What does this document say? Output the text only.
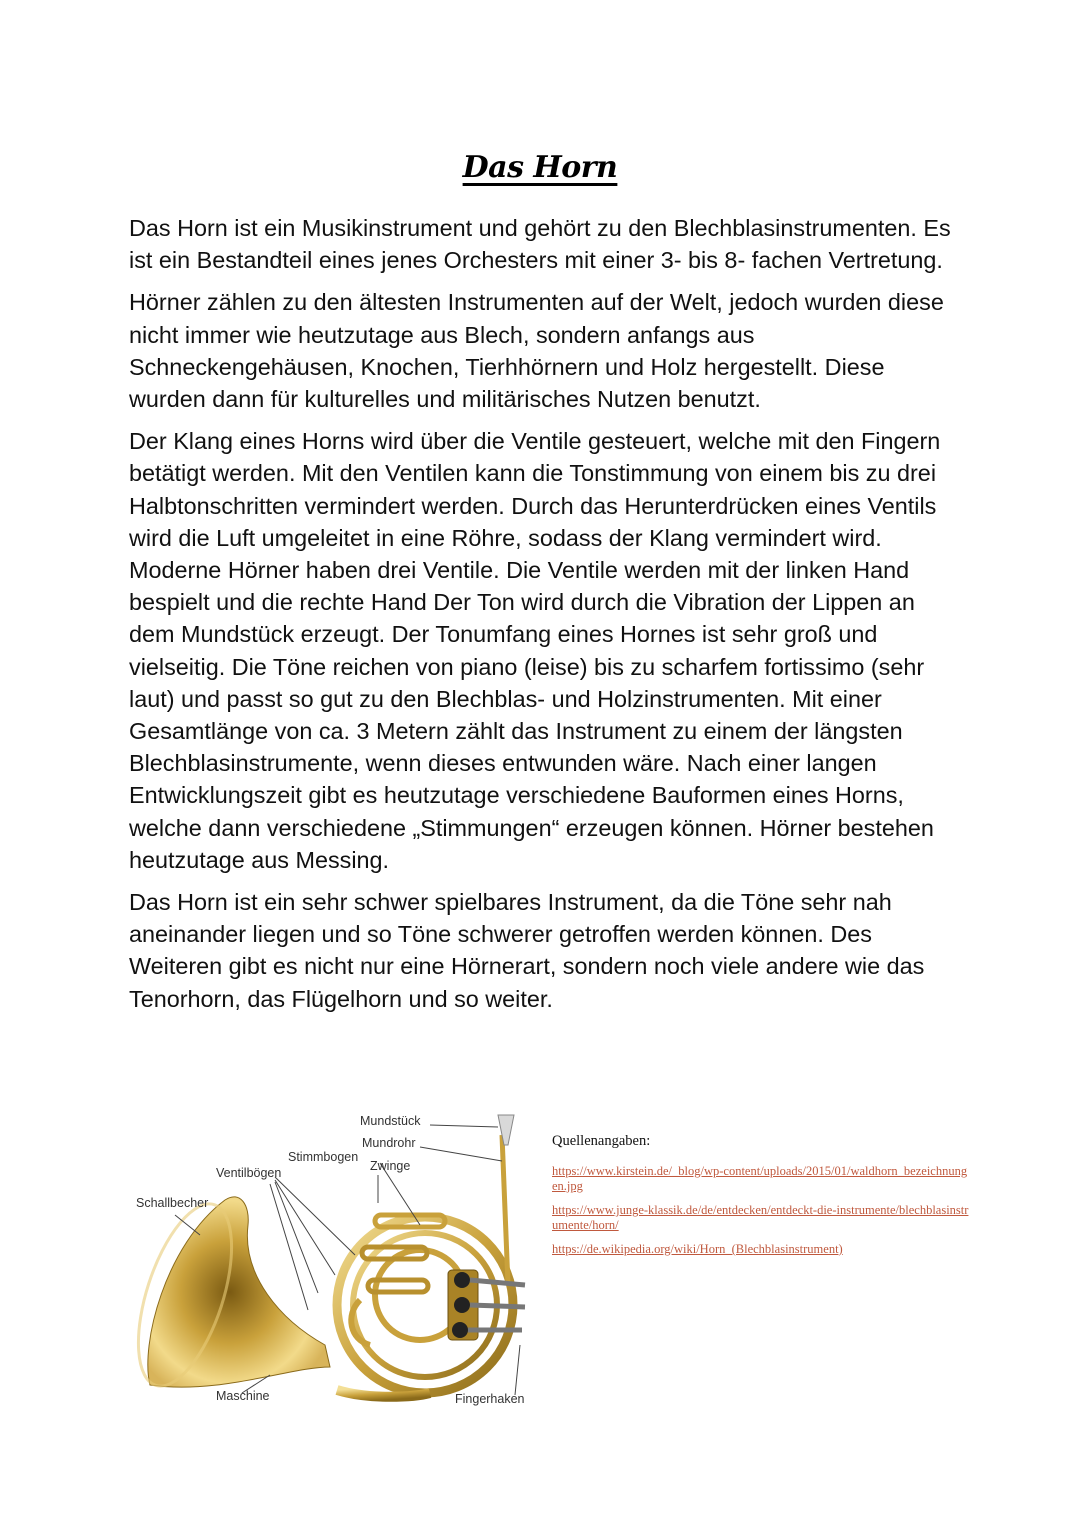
Das Horn

Das Horn ist ein Musikinstrument und gehört zu den Blechblasinstrumenten. Es ist ein Bestandteil eines jenes Orchesters mit einer 3- bis 8- fachen Vertretung.

Hörner zählen zu den ältesten Instrumenten auf der Welt, jedoch wurden diese nicht immer wie heutzutage aus Blech, sondern anfangs aus Schneckengehäusen, Knochen, Tierhhörnern und Holz hergestellt. Diese wurden dann für kulturelles und militärisches Nutzen benutzt.

Der Klang eines Horns wird über die Ventile gesteuert, welche mit den Fingern betätigt werden. Mit den Ventilen kann die Tonstimmung von einem bis zu drei Halbtonschritten vermindert werden. Durch das Herunterdrücken eines Ventils wird die Luft umgeleitet in eine Röhre, sodass der Klang vermindert wird. Moderne Hörner haben drei Ventile. Die Ventile werden mit der linken Hand bespielt und die rechte Hand Der Ton wird durch die Vibration der Lippen an dem Mundstück erzeugt. Der Tonumfang eines Hornes ist sehr groß und vielseitig. Die Töne reichen von piano (leise) bis zu scharfem fortissimo (sehr laut) und passt so gut zu den Blechblas- und Holzinstrumenten. Mit einer Gesamtlänge von ca. 3 Metern zählt das Instrument zu einem der längsten Blechblasinstrumente, wenn dieses entwunden wäre. Nach einer langen Entwicklungszeit gibt es heutzutage verschiedene Bauformen eines Horns, welche dann verschiedene „Stimmungen“ erzeugen können. Hörner bestehen heutzutage aus Messing.

Das Horn ist ein sehr schwer spielbares Instrument, da die Töne sehr nah aneinander liegen und so Töne schwerer getroffen werden können. Des Weiteren gibt es nicht nur eine Hörnerart, sondern noch viele andere wie das Tenorhorn, das Flügelhorn und so weiter.

Mundstück
Mundrohr
Stimmbogen
Zwinge
Ventilbögen
Schallbecher
Maschine	Fingerhaken
Quellenangaben:
https://www.kirstein.de/_blog/wp-content/uploads/2015/01/waldhorn_bezeichnungen.jpg
https://www.junge-klassik.de/de/entdecken/entdeckt-die-instrumente/blechblasinstrumente/horn/
https://de.wikipedia.org/wiki/Horn_(Blechblasinstrument)
